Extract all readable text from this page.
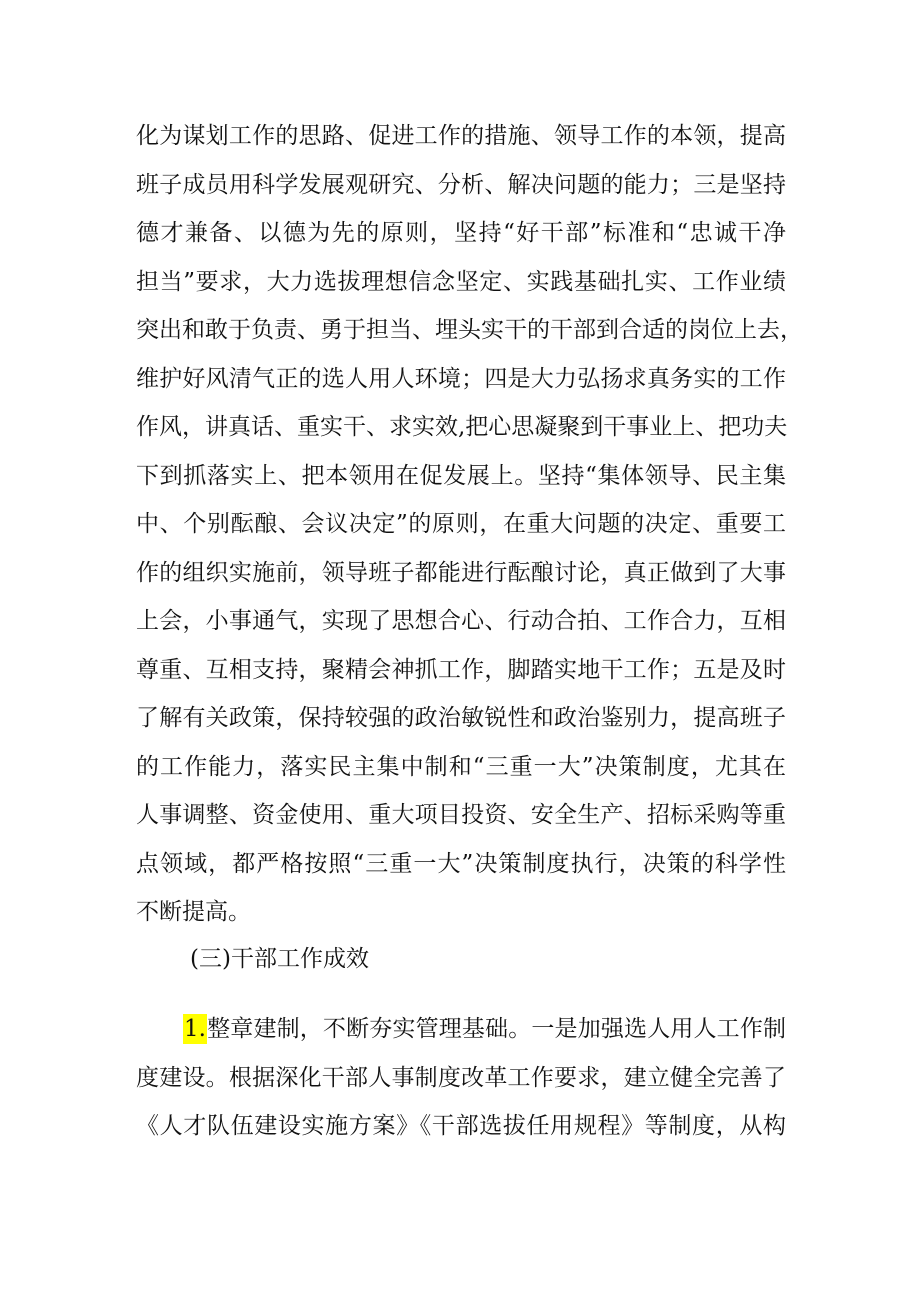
化为谋划工作的思路、促进工作的措施、领导工作的本领，提高
班子成员用科学发展观研究、分析、解决问题的能力；三是坚持
德才兼备、以德为先的原则，坚持“好干部”标准和“忠诚干净
担当”要求，大力选拔理想信念坚定、实践基础扎实、工作业绩
突出和敢于负责、勇于担当、埋头实干的干部到合适的岗位上去，
维护好风清气正的选人用人环境；四是大力弘扬求真务实的工作
作风，讲真话、重实干、求实效,把心思凝聚到干事业上、把功夫
下到抓落实上、把本领用在促发展上。坚持“集体领导、民主集
中、个别酝酿、会议决定”的原则，在重大问题的决定、重要工
作的组织实施前，领导班子都能进行酝酿讨论，真正做到了大事
上会，小事通气，实现了思想合心、行动合拍、工作合力，互相
尊重、互相支持，聚精会神抓工作，脚踏实地干工作；五是及时
了解有关政策，保持较强的政治敏锐性和政治鉴别力，提高班子
的工作能力，落实民主集中制和“三重一大”决策制度，尤其在
人事调整、资金使用、重大项目投资、安全生产、招标采购等重
点领域，都严格按照“三重一大”决策制度执行，决策的科学性
不断提高。
(三)干部工作成效
1.整章建制，不断夯实管理基础。一是加强选人用人工作制
度建设。根据深化干部人事制度改革工作要求，建立健全完善了
《人才队伍建设实施方案》《干部选拔任用规程》等制度，从构
